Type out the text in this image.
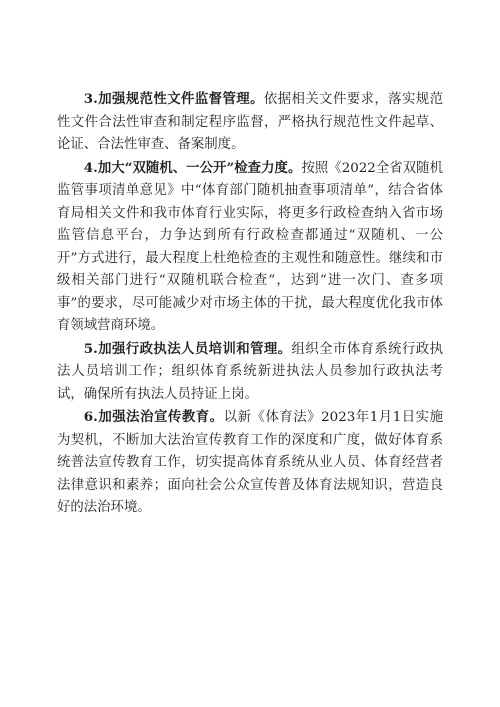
3.加强规范性文件监督管理。依据相关文件要求，落实规范性文件合法性审查和制定程序监督，严格执行规范性文件起草、论证、合法性审查、备案制度。

4.加大“双随机、一公开”检查力度。按照《2022全省双随机监管事项清单意见》中“体育部门随机抽查事项清单”，结合省体育局相关文件和我市体育行业实际，将更多行政检查纳入省市场监管信息平台，力争达到所有行政检查都通过“双随机、一公开”方式进行，最大程度上杜绝检查的主观性和随意性。继续和市级相关部门进行“双随机联合检查”，达到“进一次门、查多项事”的要求，尽可能减少对市场主体的干扰，最大程度优化我市体育领域营商环境。

5.加强行政执法人员培训和管理。组织全市体育系统行政执法人员培训工作；组织体育系统新进执法人员参加行政执法考试，确保所有执法人员持证上岗。

6.加强法治宣传教育。以新《体育法》2023年1月1日实施为契机，不断加大法治宣传教育工作的深度和广度，做好体育系统普法宣传教育工作，切实提高体育系统从业人员、体育经营者法律意识和素养；面向社会公众宣传普及体育法规知识，营造良好的法治环境。
